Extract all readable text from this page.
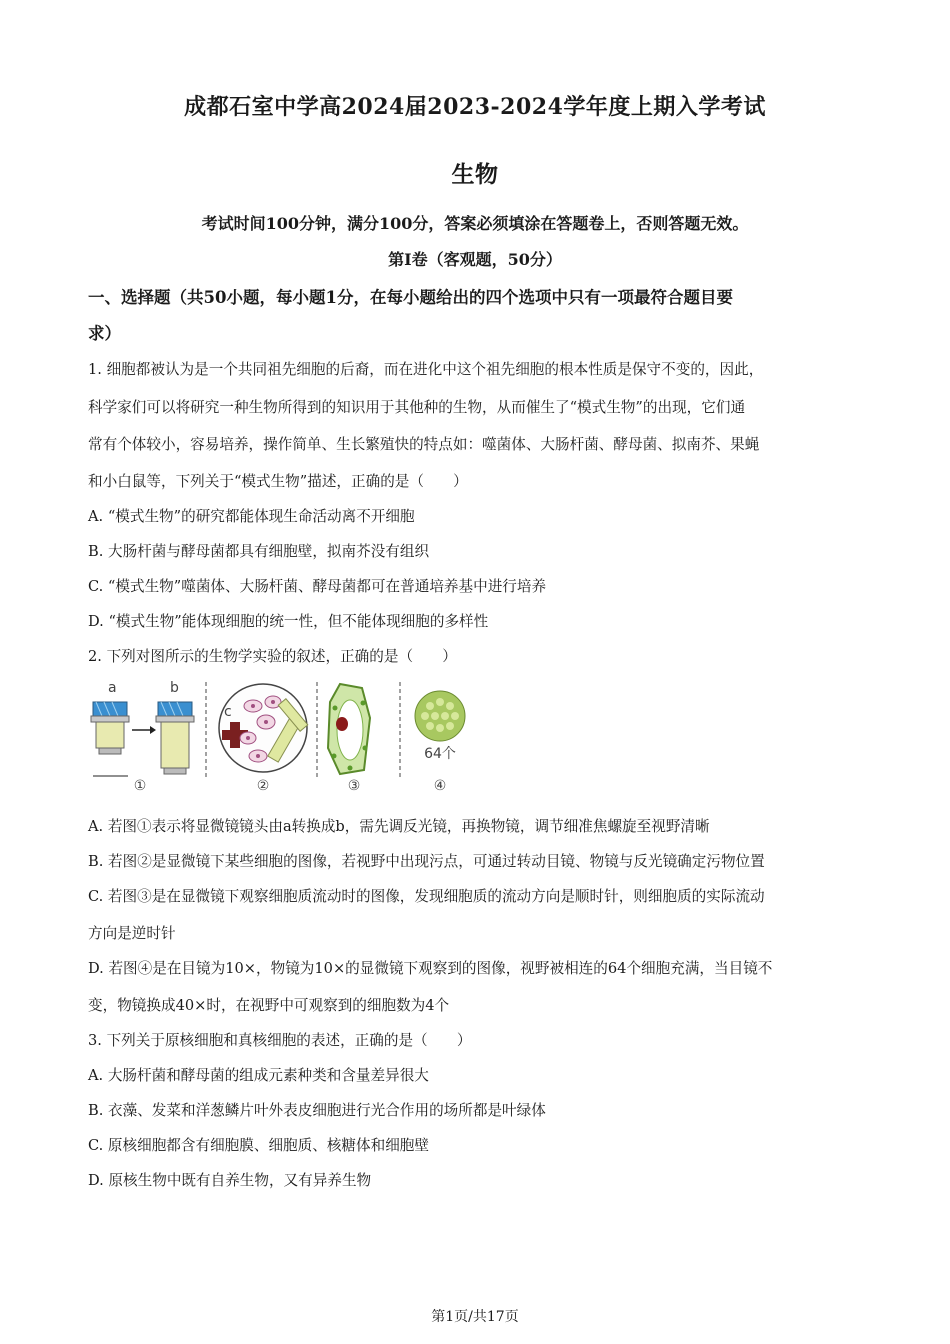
成都石室中学高2024届2023-2024学年度上期入学考试
生物
考试时间100分钟，满分100分，答案必须填涂在答题卷上，否则答题无效。
第Ⅰ卷（客观题，50分）
一、选择题（共50小题，每小题1分，在每小题给出的四个选项中只有一项最符合题目要
求）
1. 细胞都被认为是一个共同祖先细胞的后裔，而在进化中这个祖先细胞的根本性质是保守不变的，因此，
科学家们可以将研究一种生物所得到的知识用于其他种的生物，从而催生了“模式生物”的出现，它们通
常有个体较小，容易培养，操作简单、生长繁殖快的特点如：噬菌体、大肠杆菌、酵母菌、拟南芥、果蝇
和小白鼠等，下列关于“模式生物”描述，正确的是（　　）
A. “模式生物”的研究都能体现生命活动离不开细胞
B. 大肠杆菌与酵母菌都具有细胞壁，拟南芥没有组织
C. “模式生物”噬菌体、大肠杆菌、酵母菌都可在普通培养基中进行培养
D. “模式生物”能体现细胞的统一性，但不能体现细胞的多样性
2. 下列对图所示的生物学实验的叙述，正确的是（　　）
a	b
c
64个
①	②	③	④
A. 若图①表示将显微镜镜头由a转换成b，需先调反光镜，再换物镜，调节细准焦螺旋至视野清晰
B. 若图②是显微镜下某些细胞的图像，若视野中出现污点，可通过转动目镜、物镜与反光镜确定污物位置
C. 若图③是在显微镜下观察细胞质流动时的图像，发现细胞质的流动方向是顺时针，则细胞质的实际流动
方向是逆时针
D. 若图④是在目镜为10×，物镜为10×的显微镜下观察到的图像，视野被相连的64个细胞充满，当目镜不
变，物镜换成40×时，在视野中可观察到的细胞数为4个
3. 下列关于原核细胞和真核细胞的表述，正确的是（　　）
A. 大肠杆菌和酵母菌的组成元素种类和含量差异很大
B. 衣藻、发菜和洋葱鳞片叶外表皮细胞进行光合作用的场所都是叶绿体
C. 原核细胞都含有细胞膜、细胞质、核糖体和细胞壁
D. 原核生物中既有自养生物，又有异养生物
第1页/共17页
